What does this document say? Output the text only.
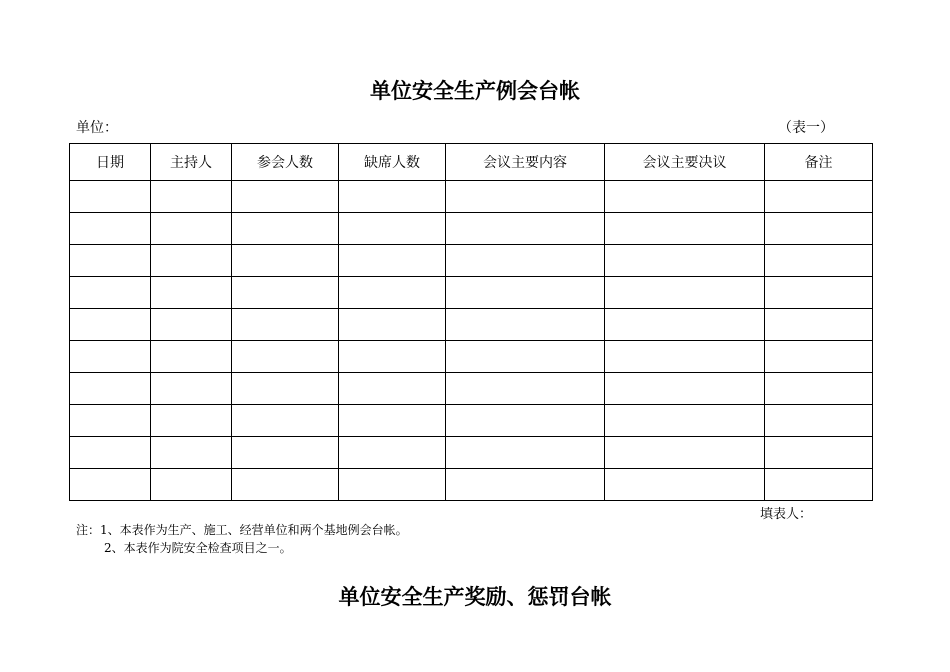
单位安全生产例会台帐
单位：	（表一）
日期	主持人	参会人数	缺席人数	会议主要内容	会议主要决议	备注

填表人：
注：1、本表作为生产、施工、经营单位和两个基地例会台帐。
2、本表作为院安全检查项目之一。
单位安全生产奖励、惩罚台帐
